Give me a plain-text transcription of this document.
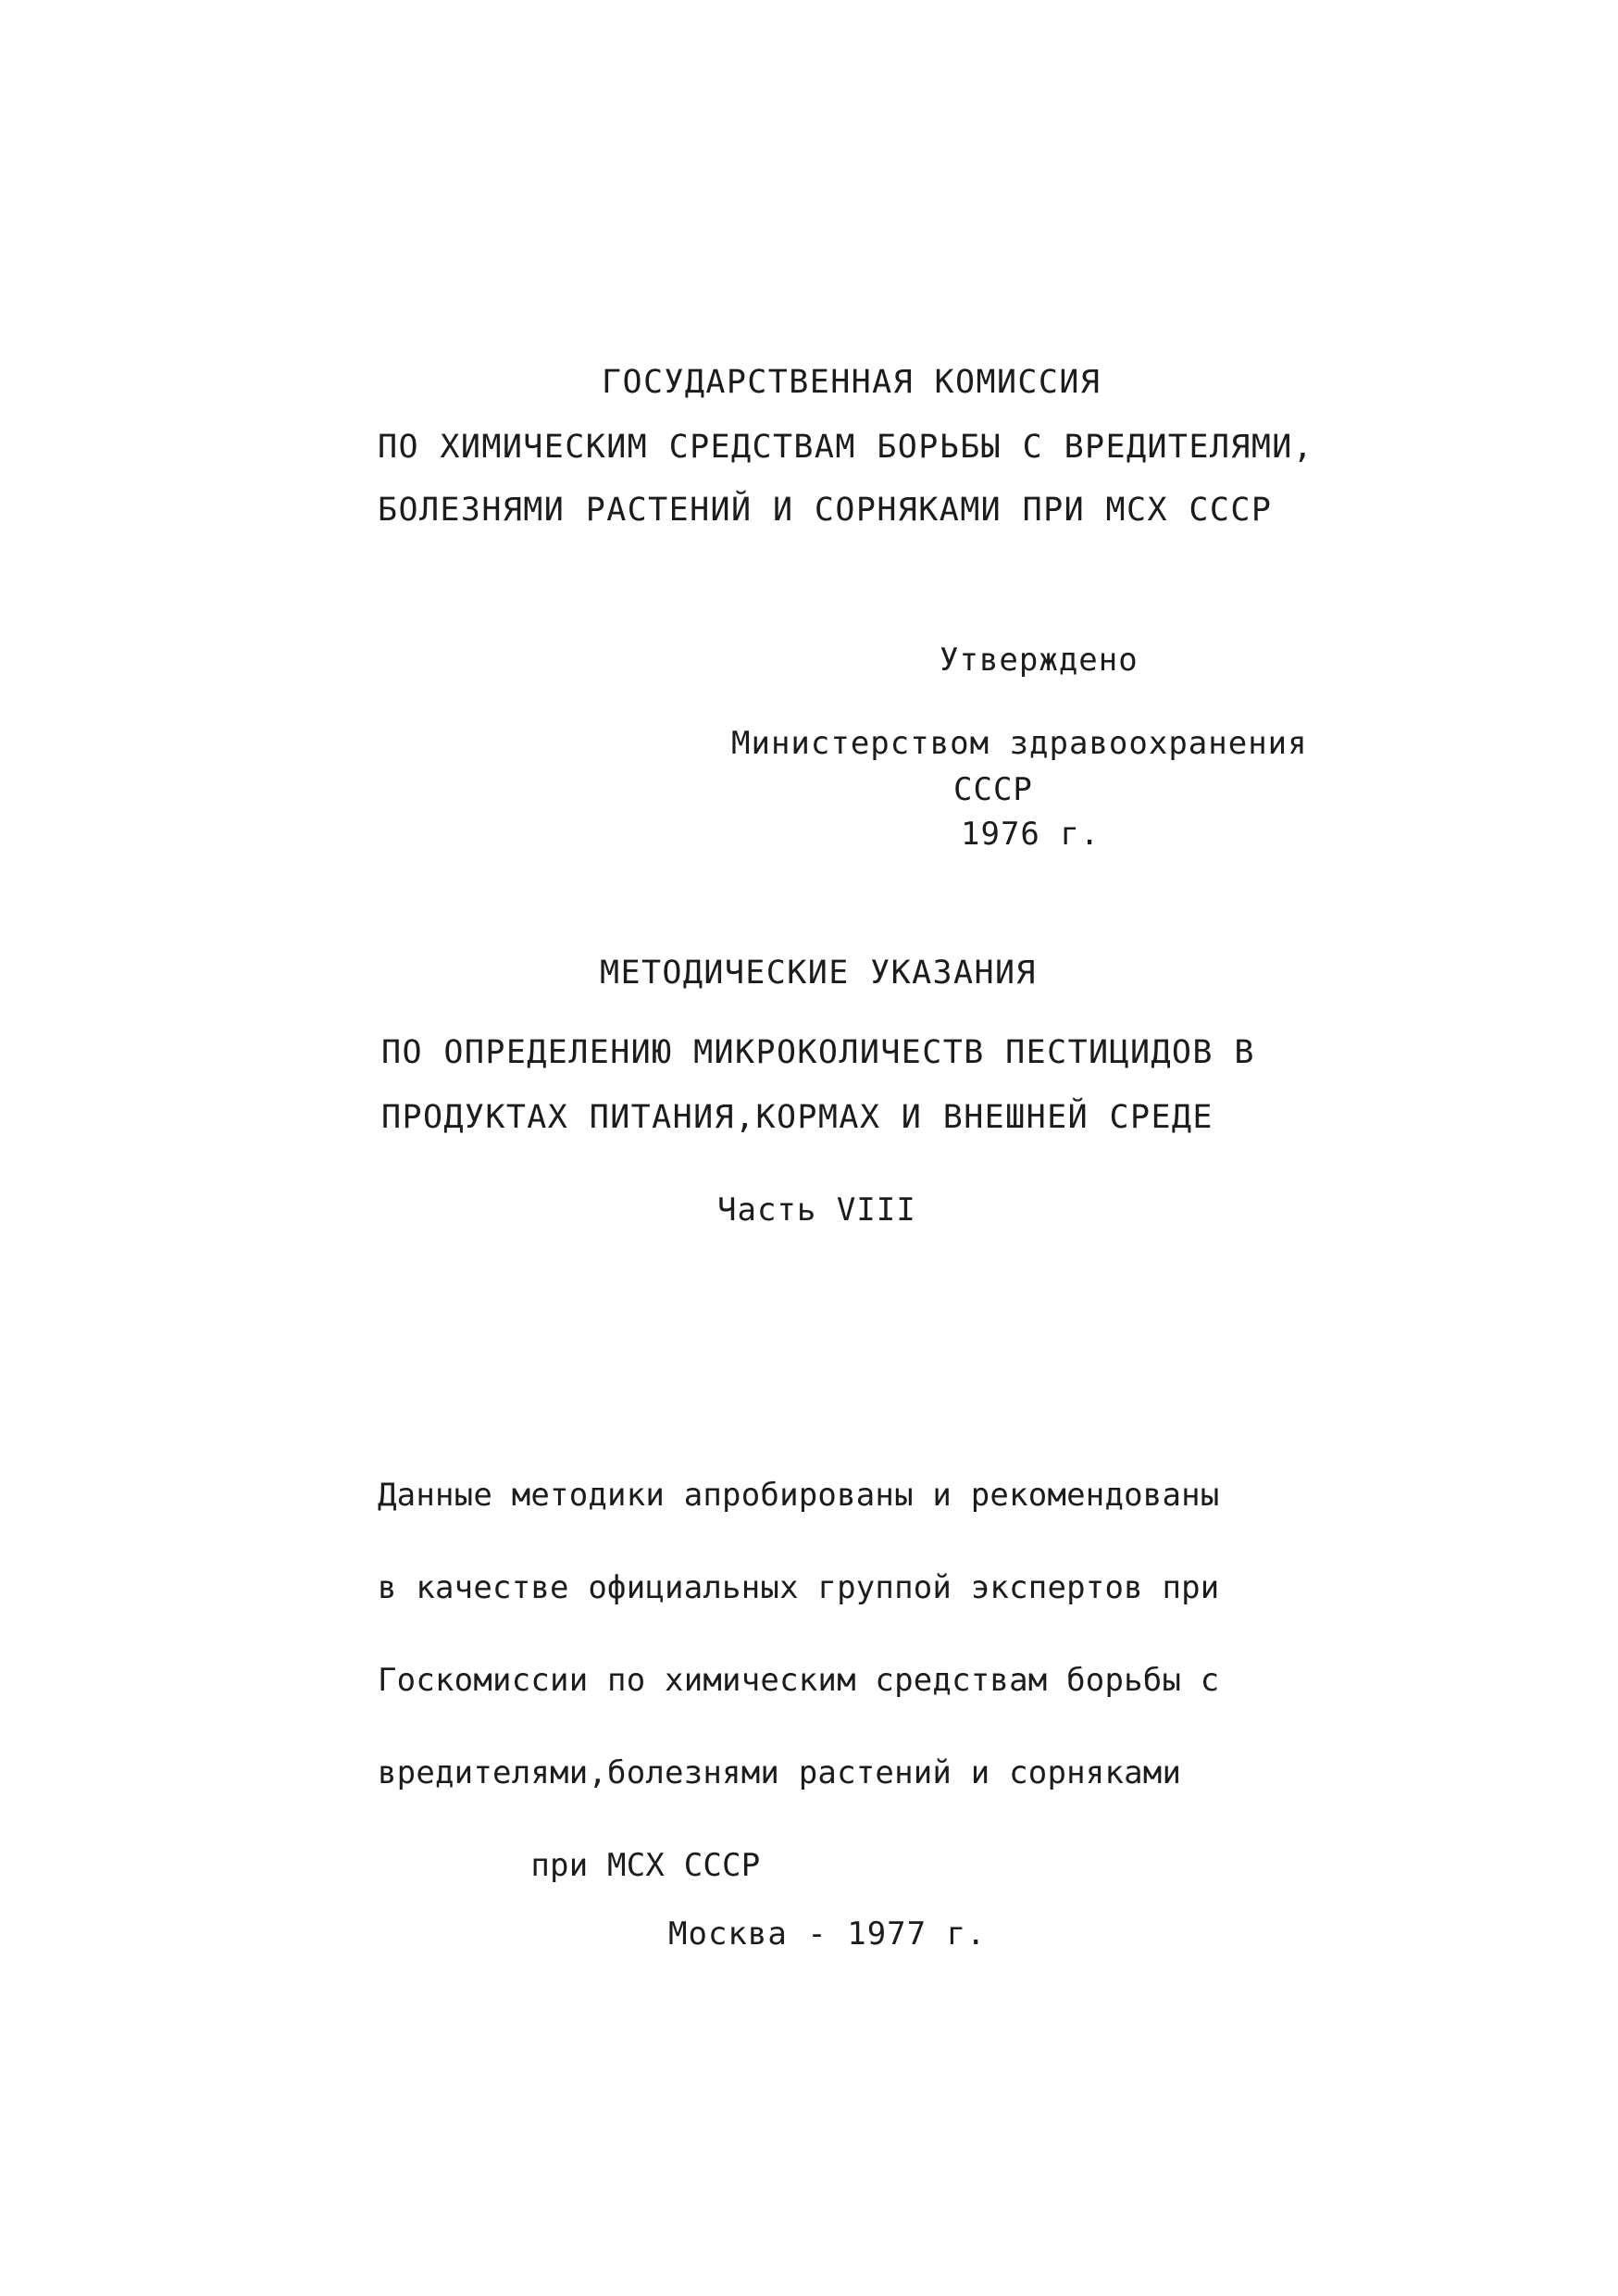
ГОСУДАРСТВЕННАЯ КОМИССИЯ
ПО ХИМИЧЕСКИМ СРЕДСТВАМ БОРЬБЫ С ВРЕДИТЕЛЯМИ,
БОЛЕЗНЯМИ РАСТЕНИЙ И СОРНЯКАМИ ПРИ МСХ СССР
Утверждено
Министерством здравоохранения
СССР
1976 г.
МЕТОДИЧЕСКИЕ УКАЗАНИЯ
ПО ОПРЕДЕЛЕНИЮ МИКРОКОЛИЧЕСТВ ПЕСТИЦИДОВ В
ПРОДУКТАХ ПИТАНИЯ,КОРМАХ И ВНЕШНЕЙ СРЕДЕ
Часть VIII

Данные методики апробированы и рекомендованы

в качестве официальных группой экспертов при

Госкомиссии по химическим средствам борьбы с

вредителями,болезнями растений и сорняками

при МСХ СССР

Москва - 1977 г.
